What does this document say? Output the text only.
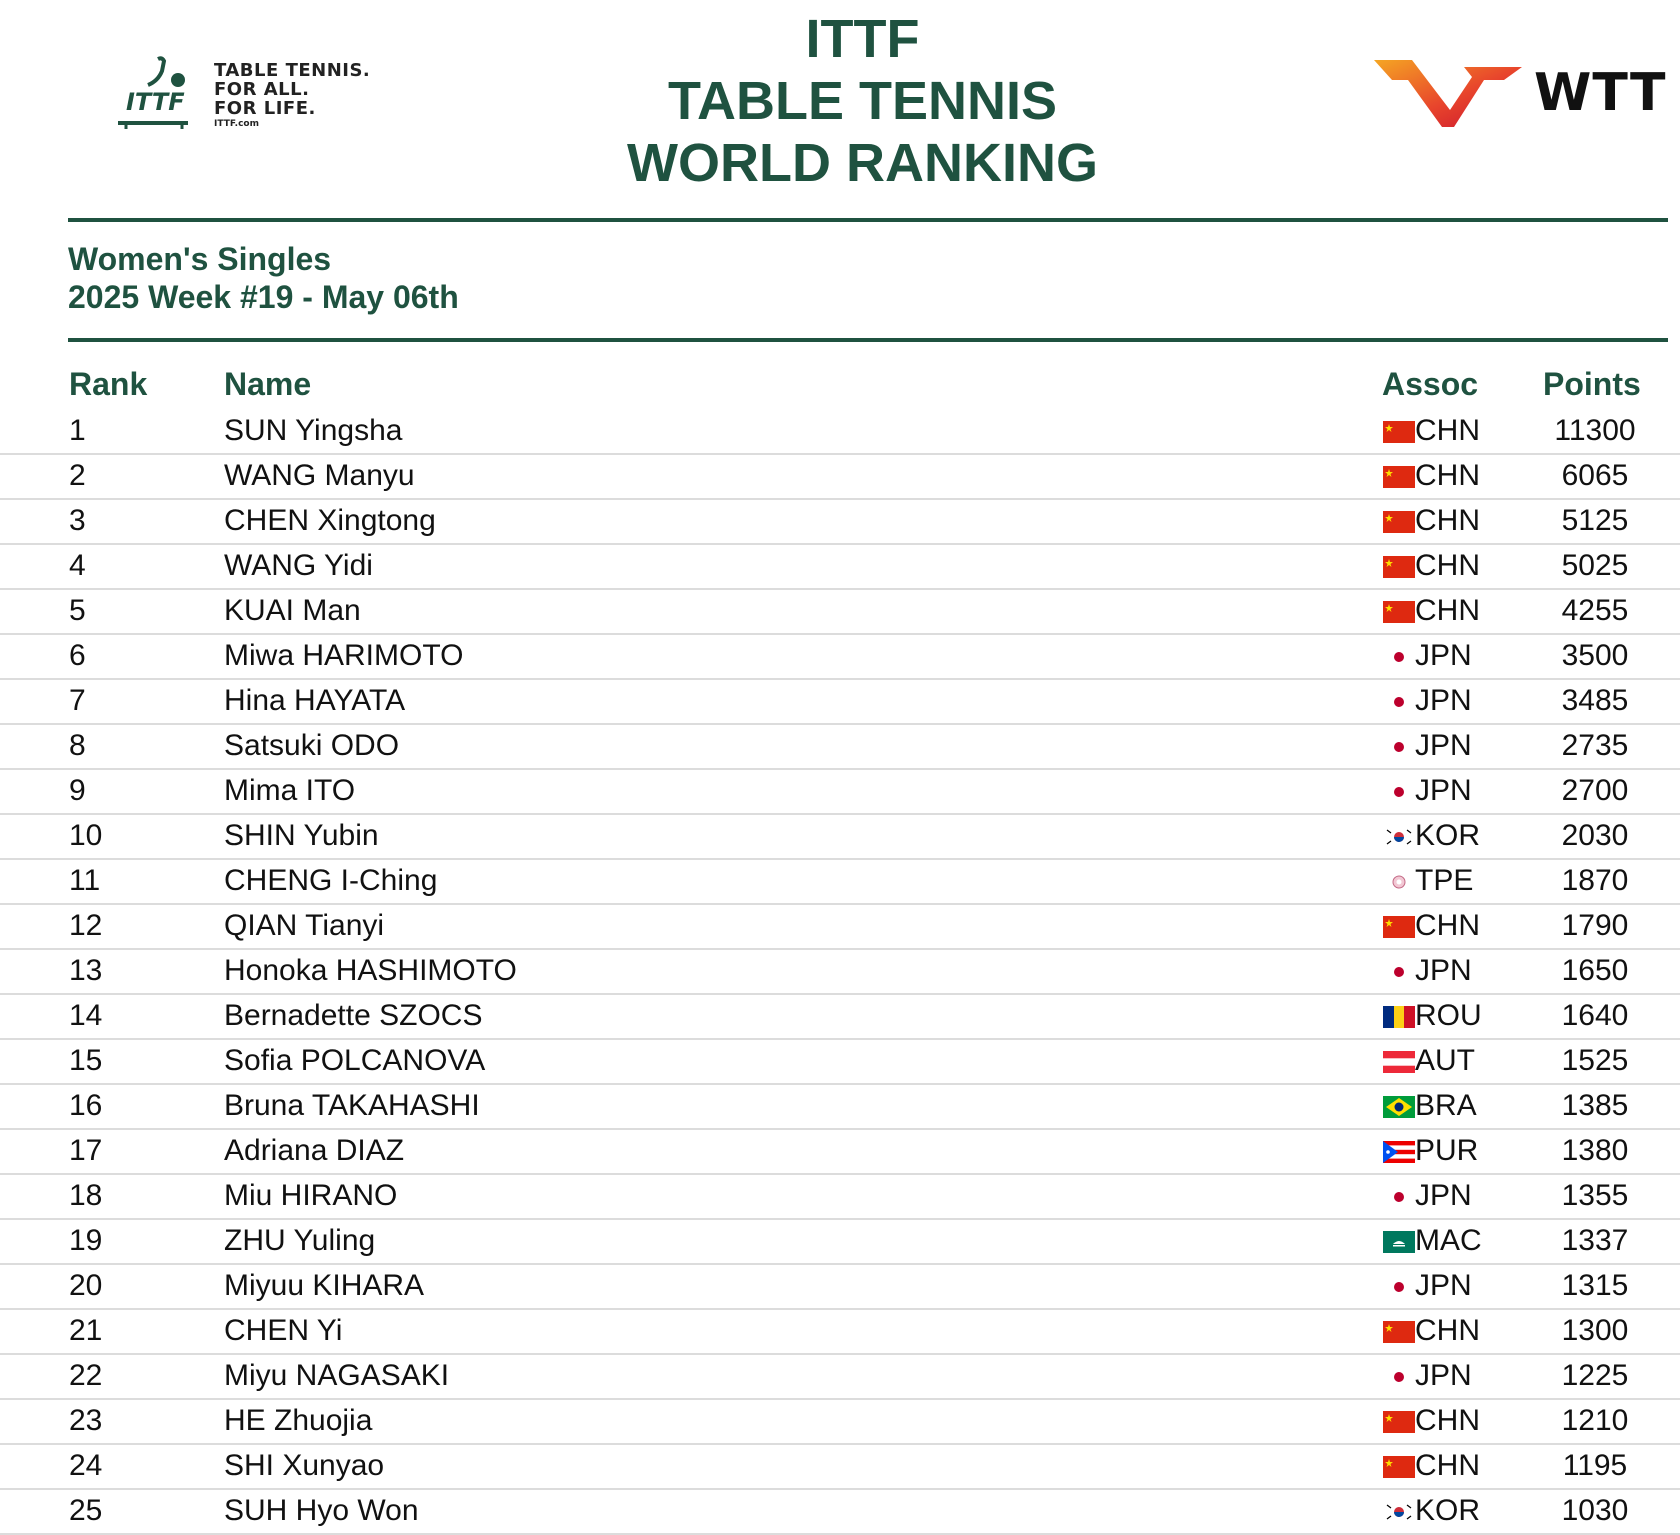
ITTF
TABLE TENNIS.
FOR ALL.
FOR LIFE.
ITTF.com
ITTF
TABLE TENNIS
WORLD RANKING
WTT
Women's Singles
2025 Week #19 - May 06th
Rank Name	Assoc Points
1	SUN Yingsha	CHN	11300
2	WANG Manyu	CHN	6065
3	CHEN Xingtong	CHN	5125
4	WANG Yidi	CHN	5025
5	KUAI Man	CHN	4255
6	Miwa HARIMOTO	JPN	3500
7	Hina HAYATA	JPN	3485
8	Satsuki ODO	JPN	2735
9	Mima ITO	JPN	2700
10	SHIN Yubin	KOR	2030
11	CHENG I-Ching	TPE	1870
12	QIAN Tianyi	CHN	1790
13	Honoka HASHIMOTO	JPN	1650
14	Bernadette SZOCS	ROU	1640
15	Sofia POLCANOVA	AUT	1525
16	Bruna TAKAHASHI	BRA	1385
17	Adriana DIAZ	PUR	1380
18	Miu HIRANO	JPN	1355
19	ZHU Yuling	MAC	1337
20	Miyuu KIHARA	JPN	1315
21	CHEN Yi	CHN	1300
22	Miyu NAGASAKI	JPN	1225
23	HE Zhuojia	CHN	1210
24	SHI Xunyao	CHN	1195
25	SUH Hyo Won	KOR	1030
